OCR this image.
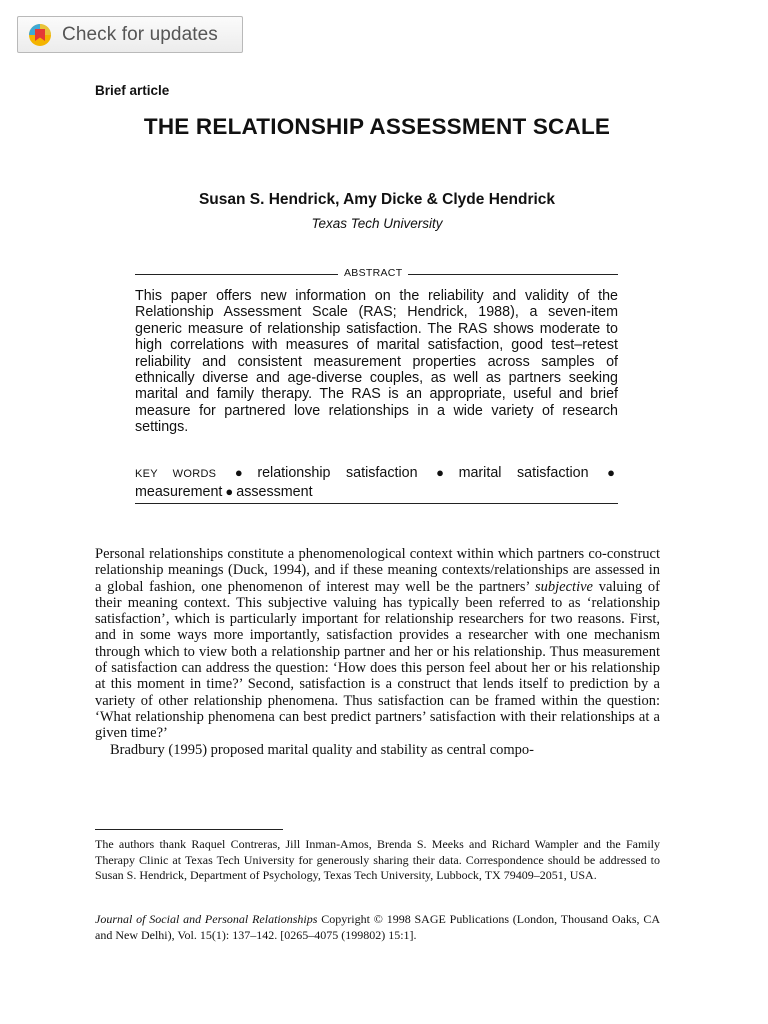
Check for updates
Brief article
THE RELATIONSHIP ASSESSMENT SCALE
Susan S. Hendrick, Amy Dicke & Clyde Hendrick
Texas Tech University
ABSTRACT

This paper offers new information on the reliability and validity of the Relationship Assessment Scale (RAS; Hendrick, 1988), a seven-item generic measure of relationship satisfaction. The RAS shows moderate to high correlations with measures of marital satisfaction, good test–retest reliability and consistent measurement properties across samples of ethnically diverse and age-diverse couples, as well as partners seeking marital and family therapy. The RAS is an appropriate, useful and brief measure for partnered love relationships in a wide variety of research settings.

KEY WORDS ● relationship satisfaction ● marital satisfaction ● measurement ● assessment

Personal relationships constitute a phenomenological context within which partners co-construct relationship meanings (Duck, 1994), and if these meaning contexts/relationships are assessed in a global fashion, one phenomenon of interest may well be the partners’ subjective valuing of their meaning context. This subjective valuing has typically been referred to as ‘relationship satisfaction’, which is particularly important for relationship researchers for two reasons. First, and in some ways more importantly, satisfaction provides a researcher with one mechanism through which to view both a relationship partner and her or his relationship. Thus measurement of satisfaction can address the question: ‘How does this person feel about her or his relationship at this moment in time?’ Second, satisfaction is a construct that lends itself to prediction by a variety of other relationship phenomena. Thus satisfaction can be framed within the question: ‘What relationship phenomena can best predict partners’ satisfaction with their relationships at a given time?’

Bradbury (1995) proposed marital quality and stability as central compo-

The authors thank Raquel Contreras, Jill Inman-Amos, Brenda S. Meeks and Richard Wampler and the Family Therapy Clinic at Texas Tech University for generously sharing their data. Correspondence should be addressed to Susan S. Hendrick, Department of Psychology, Texas Tech University, Lubbock, TX 79409–2051, USA.

Journal of Social and Personal Relationships Copyright © 1998 SAGE Publications (London, Thousand Oaks, CA and New Delhi), Vol. 15(1): 137–142. [0265–4075 (199802) 15:1].
